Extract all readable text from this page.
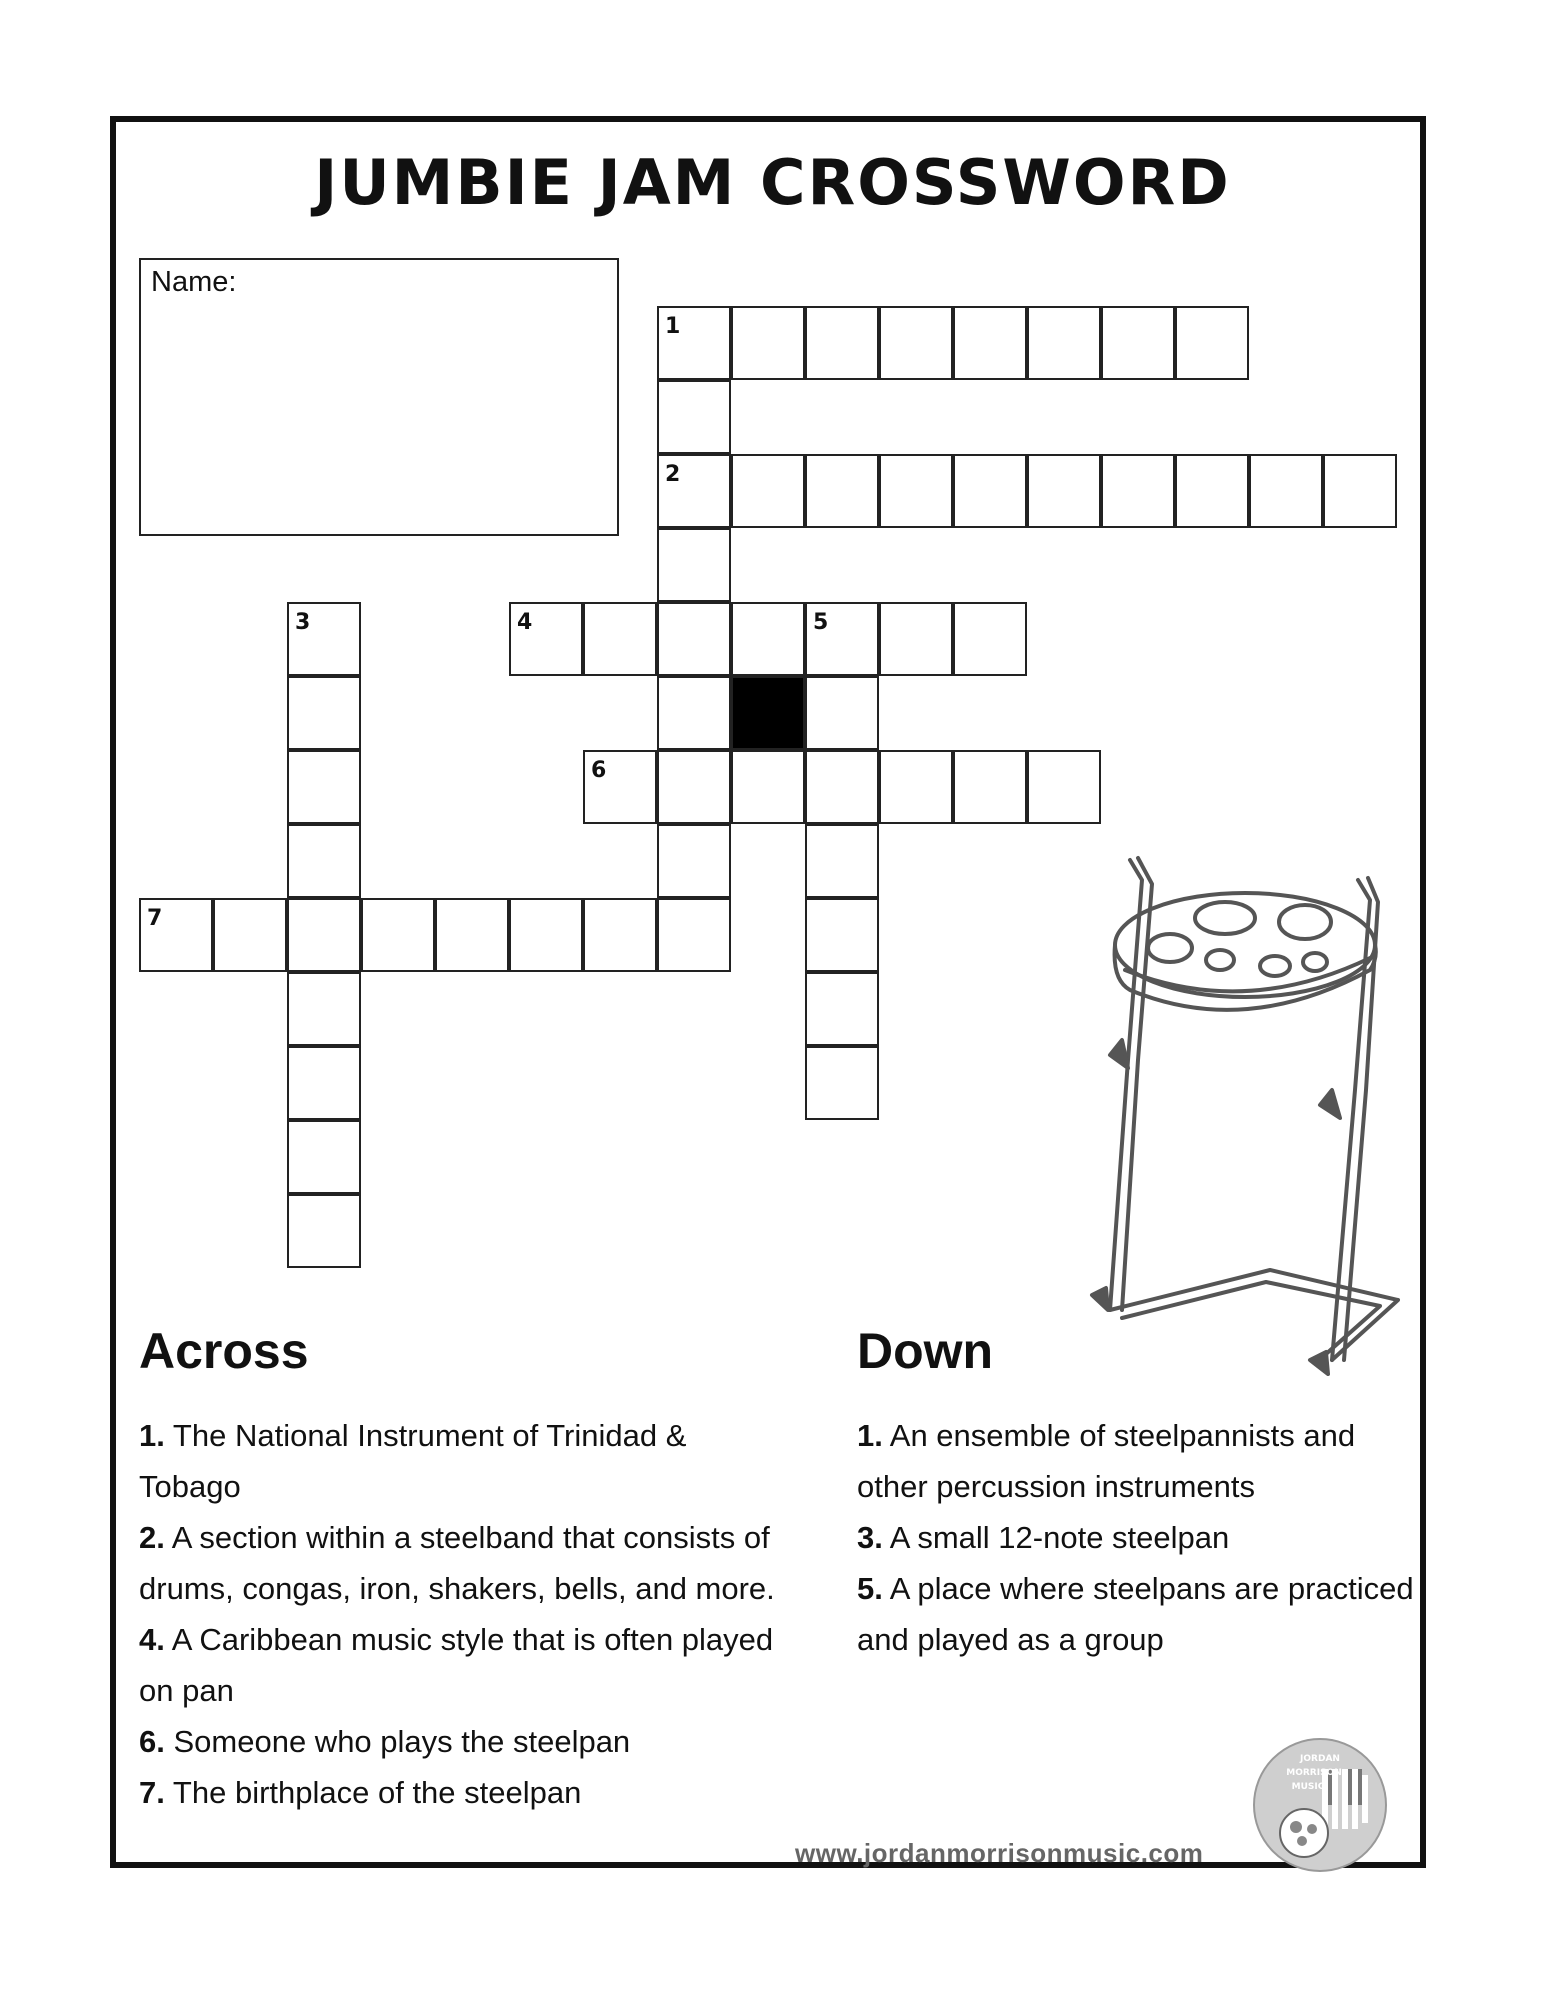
JUMBIE JAM CROSSWORD
Name:
1
2
4	5
6
7
3
Across	Down
1. The National Instrument of Trinidad & Tobago
2. A section within a steelband that consists of drums, congas, iron, shakers, bells, and more.
4. A Caribbean music style that is often played on pan
6. Someone who plays the steelpan
7. The birthplace of the steelpan
1. An ensemble of steelpannists and other percussion instruments
3. A small 12-note steelpan
5. A place where steelpans are practiced and played as a group
JORDAN
MORRISON
MUSIC
www.jordanmorrisonmusic.com
